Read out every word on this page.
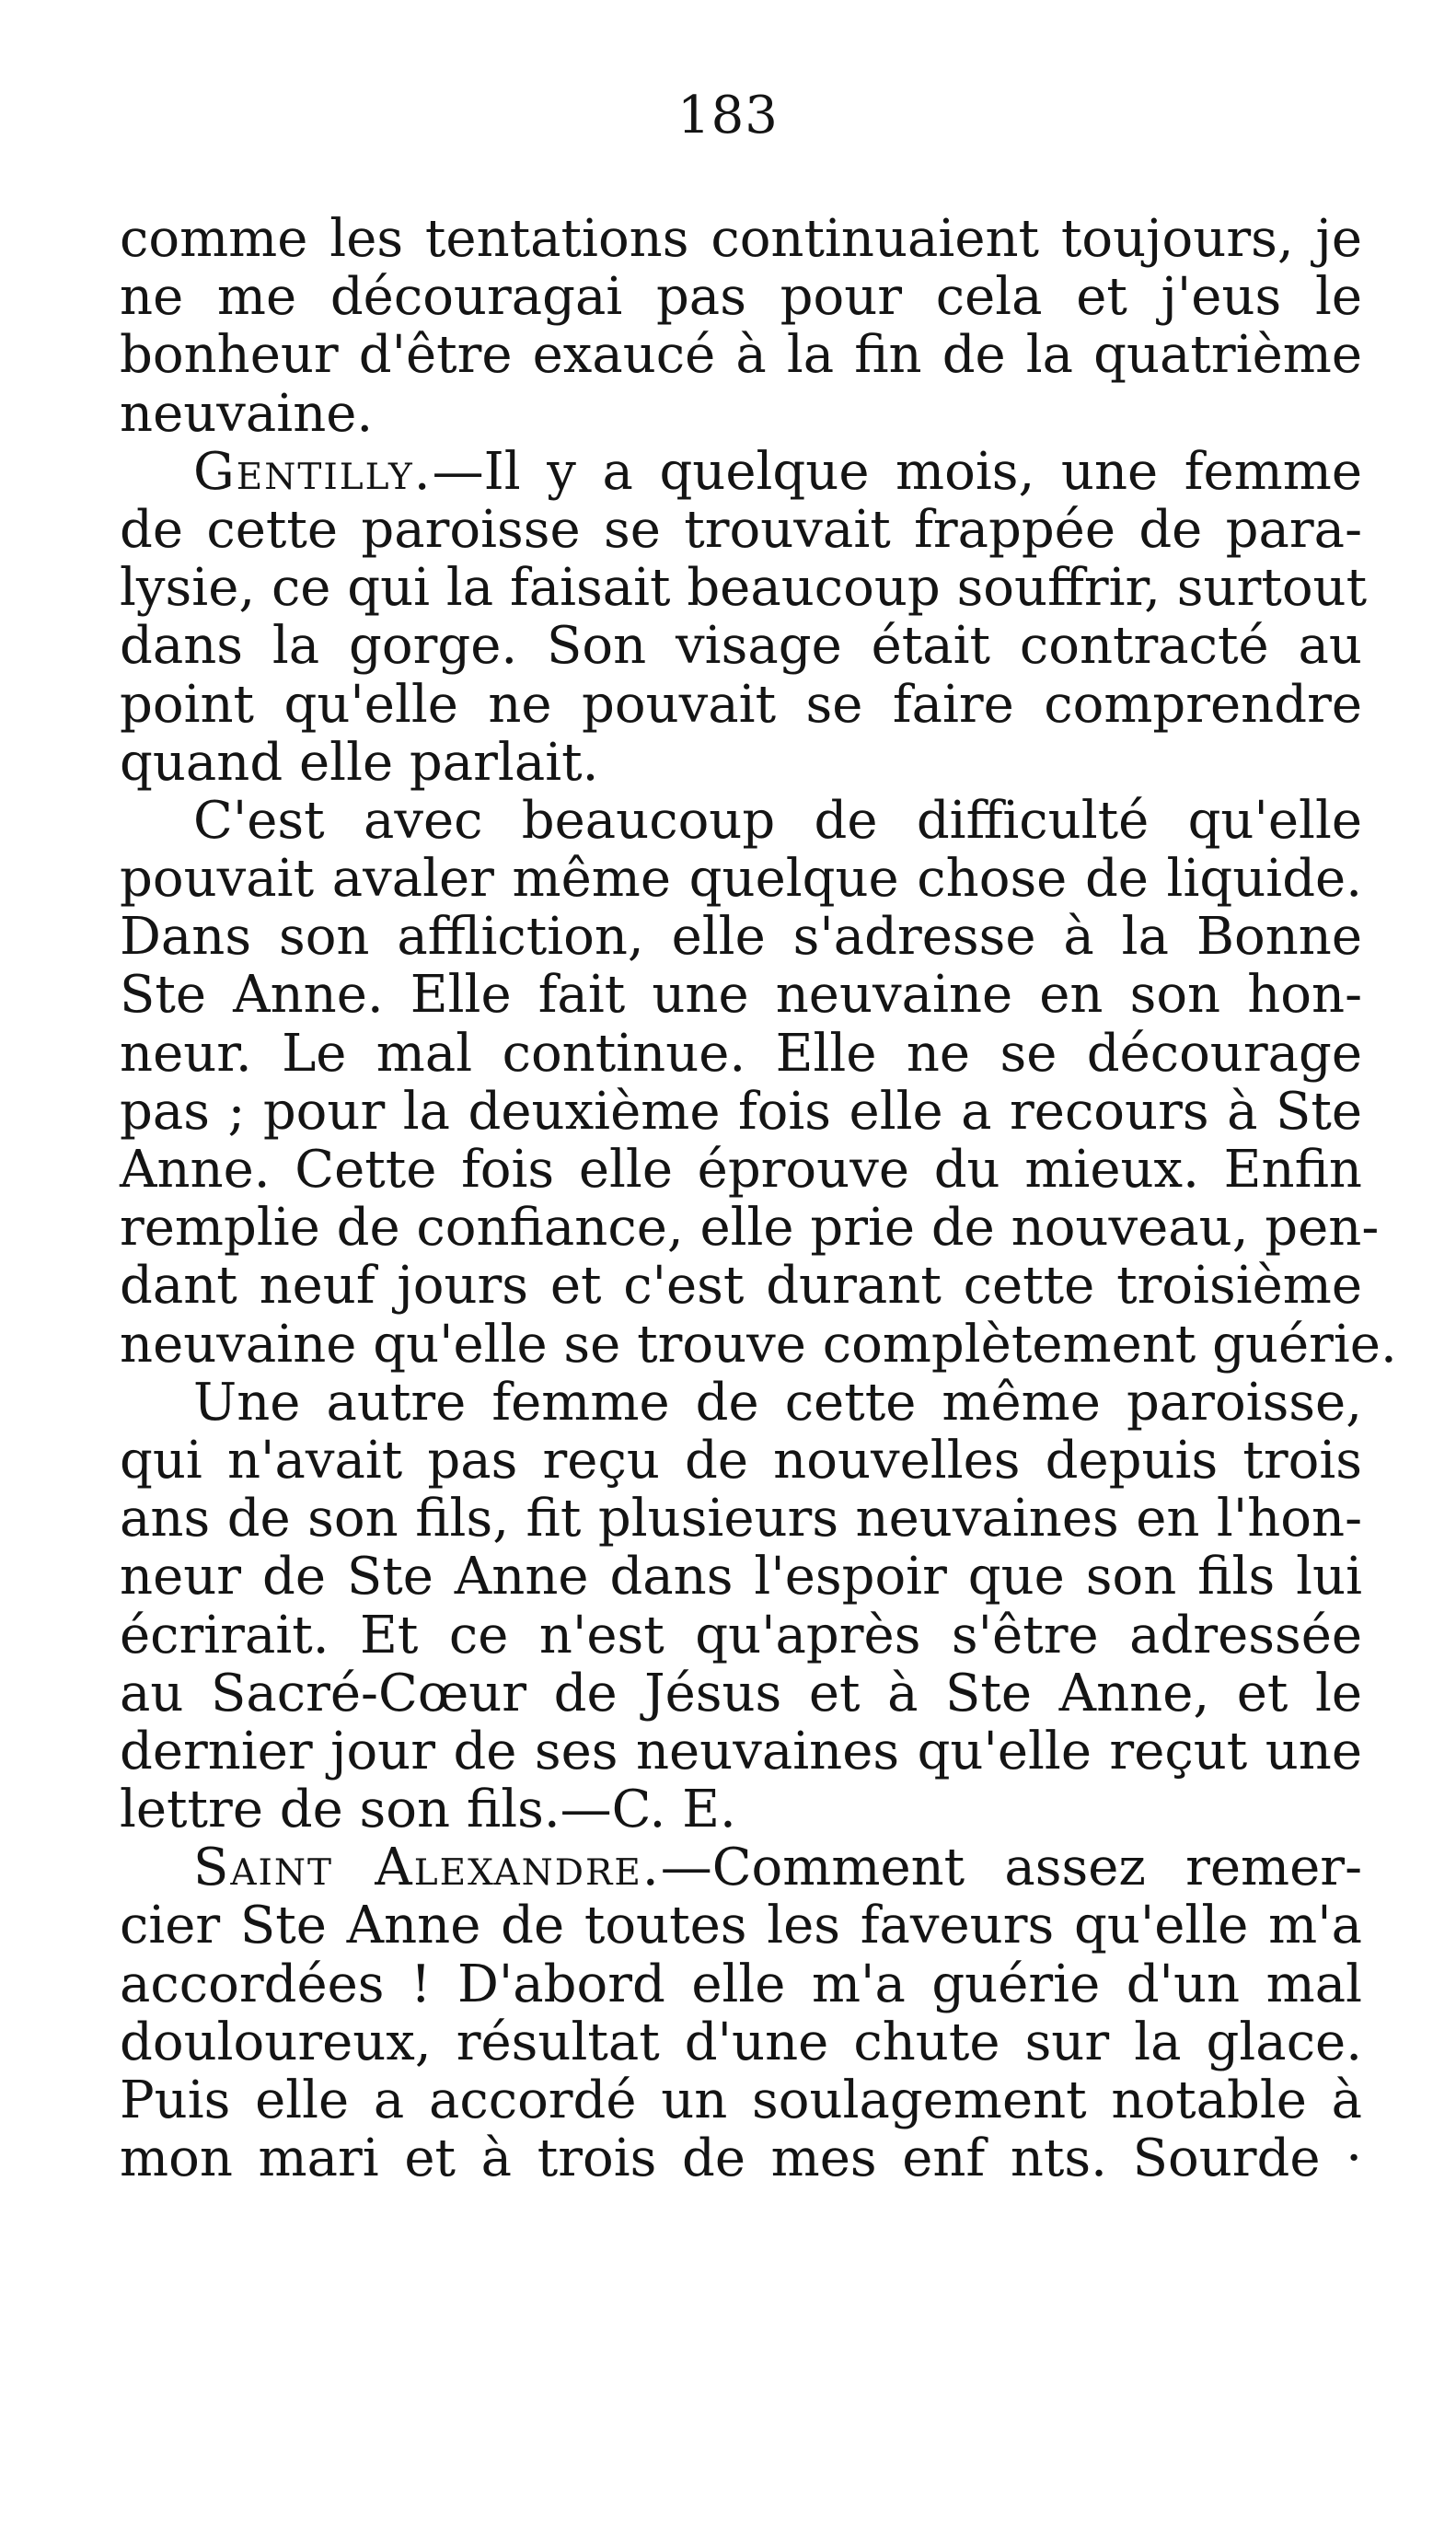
183
comme les tentations continuaient toujours, je
ne me découragai pas pour cela et j'eus le
bonheur d'être exaucé à la fin de la quatrième
neuvaine.
Gentilly.—Il y a quelque mois, une femme
de cette paroisse se trouvait frappée de para-
lysie, ce qui la faisait beaucoup souffrir, surtout
dans la gorge. Son visage était contracté au
point qu'elle ne pouvait se faire comprendre
quand elle parlait.
C'est avec beaucoup de difficulté qu'elle
pouvait avaler même quelque chose de liquide.
Dans son affliction, elle s'adresse à la Bonne
Ste Anne. Elle fait une neuvaine en son hon-
neur. Le mal continue. Elle ne se décourage
pas ; pour la deuxième fois elle a recours à Ste
Anne. Cette fois elle éprouve du mieux. Enfin
remplie de confiance, elle prie de nouveau, pen-
dant neuf jours et c'est durant cette troisième
neuvaine qu'elle se trouve complètement guérie.
Une autre femme de cette même paroisse,
qui n'avait pas reçu de nouvelles depuis trois
ans de son fils, fit plusieurs neuvaines en l'hon-
neur de Ste Anne dans l'espoir que son fils lui
écrirait. Et ce n'est qu'après s'être adressée
au Sacré-Cœur de Jésus et à Ste Anne, et le
dernier jour de ses neuvaines qu'elle reçut une
lettre de son fils.—C. E.
Saint Alexandre.—Comment assez remer-
cier Ste Anne de toutes les faveurs qu'elle m'a
accordées ! D'abord elle m'a guérie d'un mal
douloureux, résultat d'une chute sur la glace.
Puis elle a accordé un soulagement notable à
mon mari et à trois de mes enf nts. Sourde ·
